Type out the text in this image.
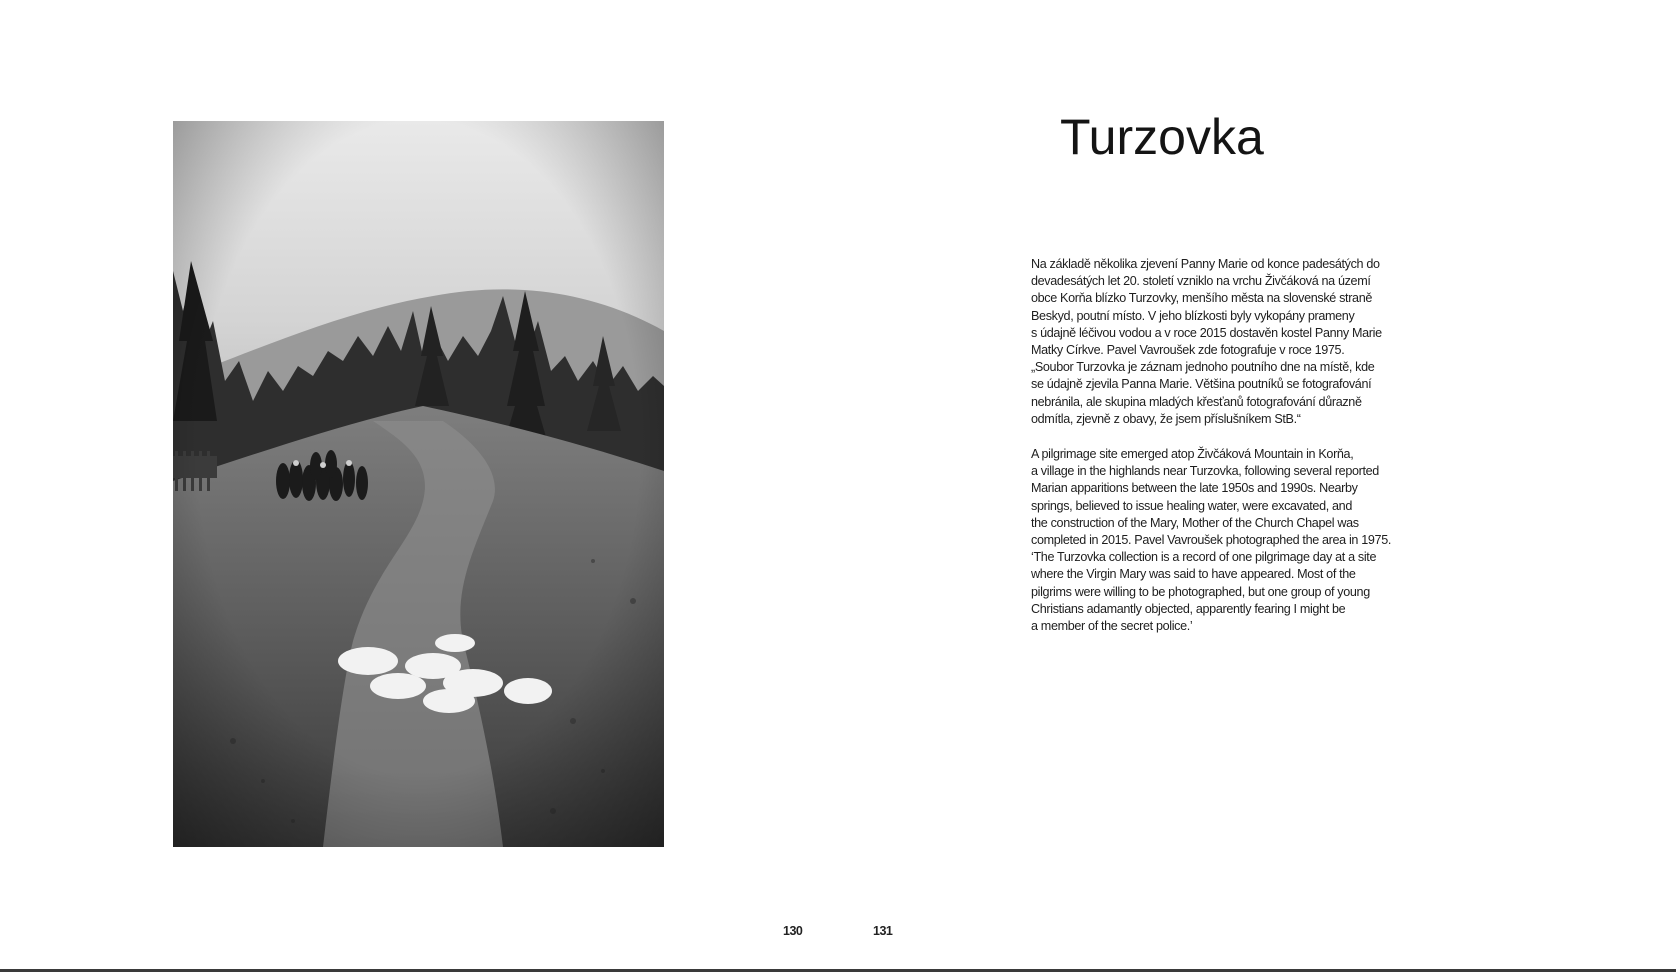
Turzovka
Na základě několika zjevení Panny Marie od konce padesátých do
devadesátých let 20. století vzniklo na vrchu Živčáková na území
obce Korňa blízko Turzovky, menšího města na slovenské straně
Beskyd, poutní místo. V jeho blízkosti byly vykopány prameny
s údajně léčivou vodou a v roce 2015 dostavěn kostel Panny Marie
Matky Církve. Pavel Vavroušek zde fotografuje v roce 1975.
„Soubor Turzovka je záznam jednoho poutního dne na místě, kde
se údajně zjevila Panna Marie. Většina poutníků se fotografování
nebránila, ale skupina mladých křesťanů fotografování důrazně
odmítla, zjevně z obavy, že jsem příslušníkem StB.“
A pilgrimage site emerged atop Živčáková Mountain in Korňa,
a village in the highlands near Turzovka, following several reported
Marian apparitions between the late 1950s and 1990s. Nearby
springs, believed to issue healing water, were excavated, and
the construction of the Mary, Mother of the Church Chapel was
completed in 2015. Pavel Vavroušek photographed the area in 1975.
‘The Turzovka collection is a record of one pilgrimage day at a site
where the Virgin Mary was said to have appeared. Most of the
pilgrims were willing to be photographed, but one group of young
Christians adamantly objected, apparently fearing I might be
a member of the secret police.’
130	131
